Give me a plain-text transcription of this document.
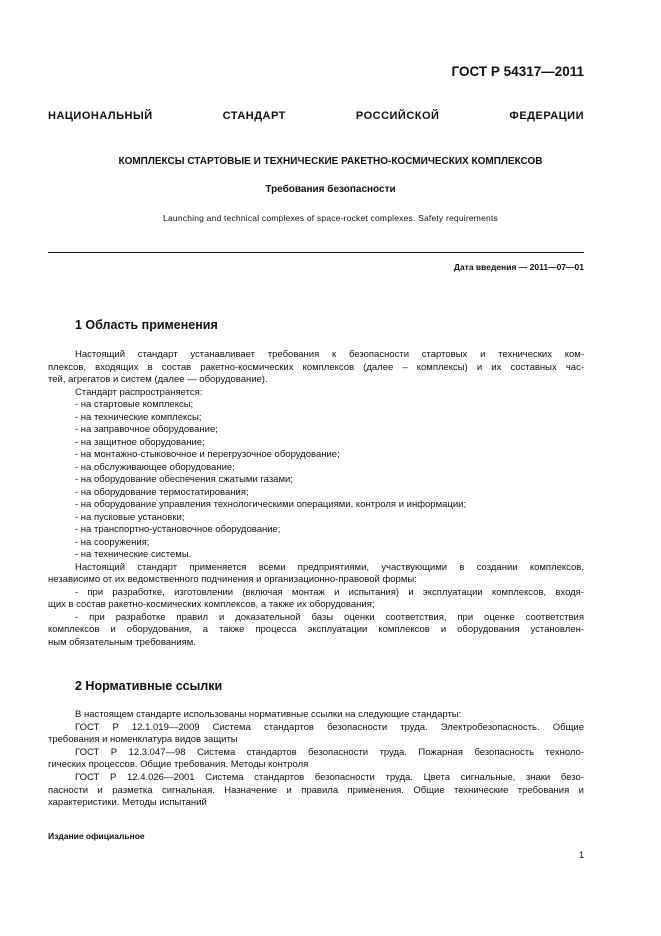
ГОСТ Р 54317—2011
НАЦИОНАЛЬНЫЙ СТАНДАРТ РОССИЙСКОЙ ФЕДЕРАЦИИ
КОМПЛЕКСЫ СТАРТОВЫЕ И ТЕХНИЧЕСКИЕ РАКЕТНО-КОСМИЧЕСКИХ КОМПЛЕКСОВ
Требования безопасности
Launching and technical complexes of space-rocket complexes. Safety requirements
Дата введения — 2011—07—01
1 Область применения
Настоящий стандарт устанавливает требования к безопасности стартовых и технических ком-
плексов, входящих в состав ракетно-космических комплексов (далее – комплексы) и их составных час-
тей, агрегатов и систем (далее — оборудование).
Стандарт распространяется:
- на стартовые комплексы;
- на технические комплексы;
- на заправочное оборудование;
- на защитное оборудование;
- на монтажно-стыковочное и перегрузочное оборудование;
- на обслуживающее оборудование;
- на оборудование обеспечения сжатыми газами;
- на оборудование термостатирования;
- на оборудование управления технологическими операциями, контроля и информации;
- на пусковые установки;
- на транспортно-установочное оборудование;
- на сооружения;
- на технические системы.
Настоящий стандарт применяется всеми предприятиями, участвующими в создании комплексов,
независимо от их ведомственного подчинения и организационно-правовой формы:
- при разработке, изготовлении (включая монтаж и испытания) и эксплуатации комплексов, входя-
щих в состав ракетно-космических комплексов, а также их оборудования;
- при разработке правил и доказательной базы оценки соответствия, при оценке соответствия
комплексов и оборудования, а также процесса эксплуатации комплексов и оборудования установлен-
ным обязательным требованиям.
2 Нормативные ссылки
В настоящем стандарте использованы нормативные ссылки на следующие стандарты:
ГОСТ Р 12.1.019—2009 Система стандартов безопасности труда. Электробезопасность. Общие
требования и номенклатура видов защиты
ГОСТ Р 12.3.047—98 Система стандартов безопасности труда. Пожарная безопасность техноло-
гических процессов. Общие требования. Методы контроля
ГОСТ Р 12.4.026—2001 Система стандартов безопасности труда. Цвета сигнальные, знаки безо-
пасности и разметка сигнальная. Назначение и правила применения. Общие технические требования и
характеристики. Методы испытаний
Издание официальное
1
